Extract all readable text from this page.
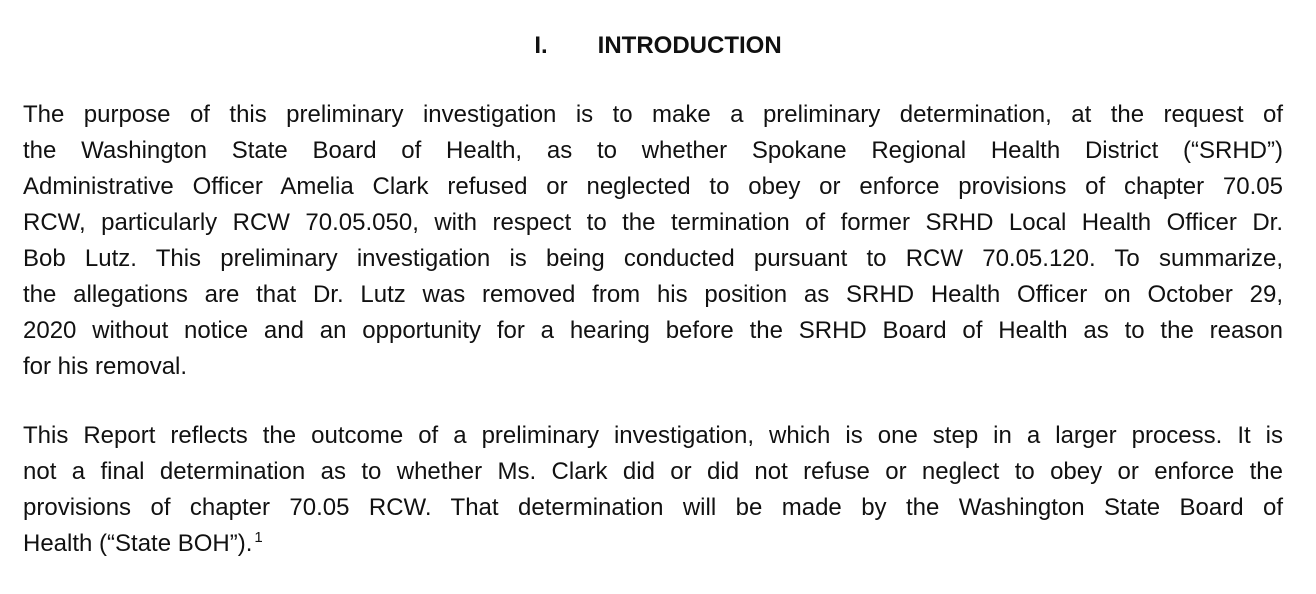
I. INTRODUCTION
The purpose of this preliminary investigation is to make a preliminary determination, at the request of
the Washington State Board of Health, as to whether Spokane Regional Health District (“SRHD”)
Administrative Officer Amelia Clark refused or neglected to obey or enforce provisions of chapter 70.05
RCW, particularly RCW 70.05.050, with respect to the termination of former SRHD Local Health Officer Dr.
Bob Lutz. This preliminary investigation is being conducted pursuant to RCW 70.05.120. To summarize,
the allegations are that Dr. Lutz was removed from his position as SRHD Health Officer on October 29,
2020 without notice and an opportunity for a hearing before the SRHD Board of Health as to the reason
for his removal.
This Report reflects the outcome of a preliminary investigation, which is one step in a larger process. It is
not a final determination as to whether Ms. Clark did or did not refuse or neglect to obey or enforce the
provisions of chapter 70.05 RCW. That determination will be made by the Washington State Board of
Health (“State BOH”). $^1$
